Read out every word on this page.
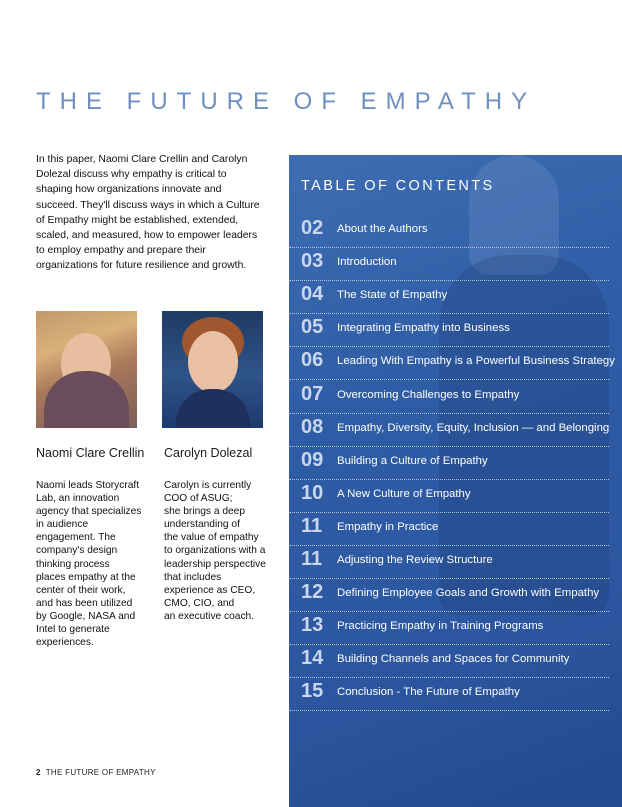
THE FUTURE OF EMPATHY
In this paper, Naomi Clare Crellin and Carolyn Dolezal discuss why empathy is critical to shaping how organizations innovate and succeed. They'll discuss ways in which a Culture of Empathy might be established, extended, scaled, and measured, how to empower leaders to employ empathy and prepare their organizations for future resilience and growth.
Naomi Clare Crellin Carolyn Dolezal
Naomi leads Storycraft
Lab, an innovation
agency that specializes
in audience
engagement. The
company's design
thinking process
places empathy at the
center of their work,
and has been utilized
by Google, NASA and
Intel to generate
experiences.
Carolyn is currently
COO of ASUG;
she brings a deep
understanding of
the value of empathy
to organizations with a
leadership perspective
that includes
experience as CEO,
CMO, CIO, and
an executive coach.
TABLE OF CONTENTS
02 About the Authors
03 Introduction
04 The State of Empathy
05 Integrating Empathy into Business
06 Leading With Empathy is a Powerful Business Strategy
07 Overcoming Challenges to Empathy
08 Empathy, Diversity, Equity, Inclusion — and Belonging
09 Building a Culture of Empathy
10 A New Culture of Empathy
11 Empathy in Practice
11 Adjusting the Review Structure
12 Defining Employee Goals and Growth with Empathy
13 Practicing Empathy in Training Programs
14 Building Channels and Spaces for Community
15 Conclusion - The Future of Empathy
2 THE FUTURE OF EMPATHY
